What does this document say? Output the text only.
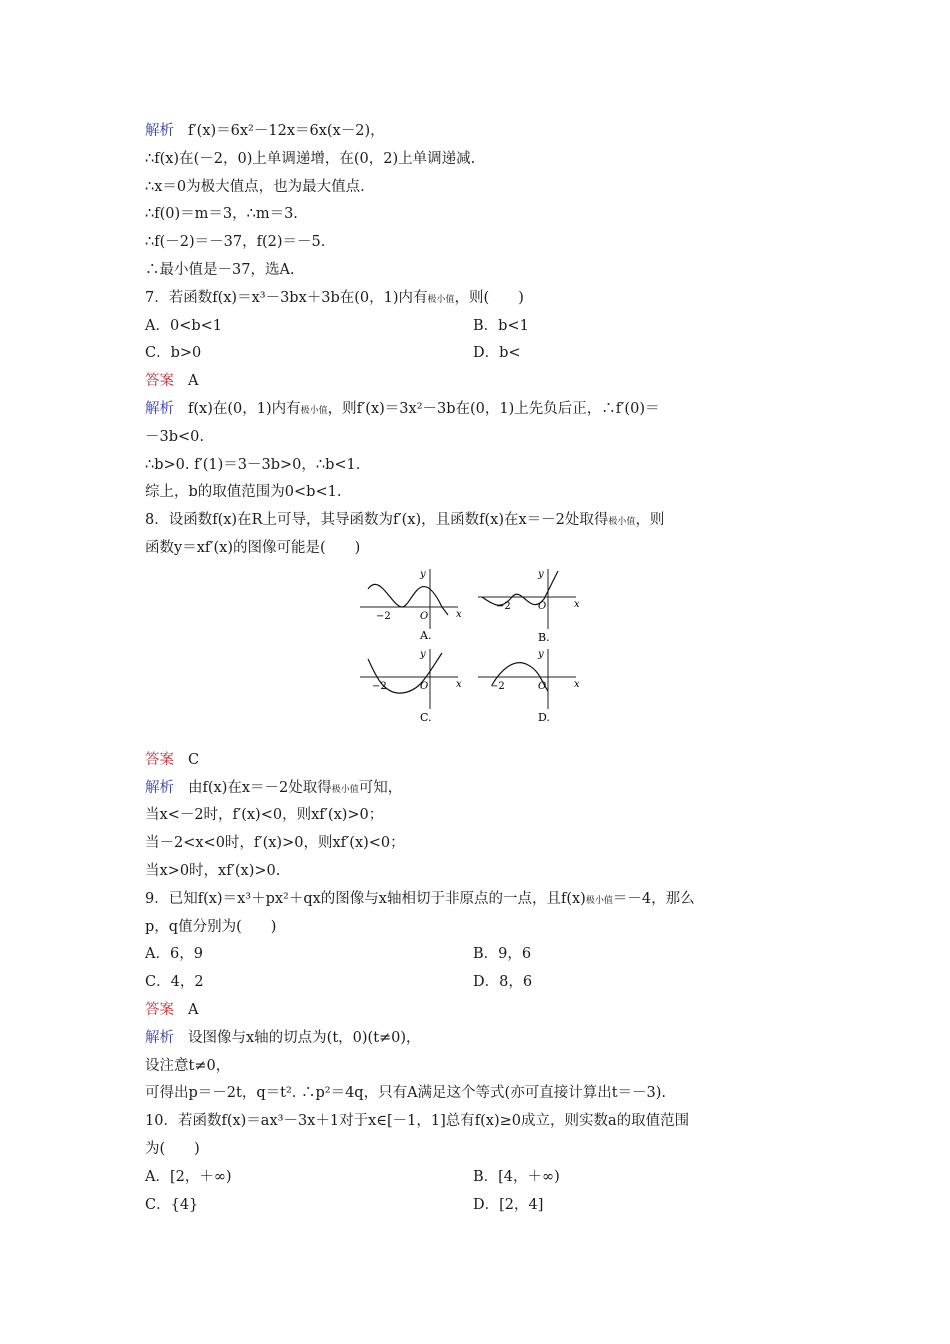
解析 f′(x)＝6x²－12x＝6x(x－2)，
∴f(x)在(－2，0)上单调递增，在(0，2)上单调递减.
∴x＝0为极大值点，也为最大值点.
∴f(0)＝m＝3，∴m＝3.
∴f(－2)＝－37，f(2)＝－5.
∴最小值是－37，选A.
7．若函数f(x)＝x³－3bx＋3b在(0，1)内有极小值，则(　　)
A．0<b<1	B．b<1
C．b>0	D．b<
答案 A
解析 f(x)在(0，1)内有极小值，则f′(x)＝3x²－3b在(0，1)上先负后正，∴f′(0)＝
－3b<0.
∴b>0. f′(1)＝3－3b>0，∴b<1.
综上，b的取值范围为0<b<1.
8．设函数f(x)在R上可导，其导函数为f′(x)，且函数f(x)在x＝－2处取得极小值，则
函数y＝xf′(x)的图像可能是(　　)
−2	O	x
y
A.
−2	O	x
y
B.
−2	O	x
y
C.
−2	O	x
y
D.
答案 C
解析 由f(x)在x＝－2处取得极小值可知，
当x<－2时，f′(x)<0，则xf′(x)>0；
当－2<x<0时，f′(x)>0，则xf′(x)<0；
当x>0时，xf′(x)>0.
9．已知f(x)＝x³＋px²＋qx的图像与x轴相切于非原点的一点，且f(x)极小值＝－4，那么
p，q值分别为(　　)
A．6，9	B．9，6
C．4，2	D．8，6
答案 A
解析 设图像与x轴的切点为(t，0)(t≠0)，
设注意t≠0，
可得出p＝－2t，q＝t². ∴p²＝4q，只有A满足这个等式(亦可直接计算出t＝－3).
10．若函数f(x)＝ax³－3x＋1对于x∈[－1，1]总有f(x)≥0成立，则实数a的取值范围
为(　　)
A．[2，＋∞)	B．[4，＋∞)
C．{4}	D．[2，4]
